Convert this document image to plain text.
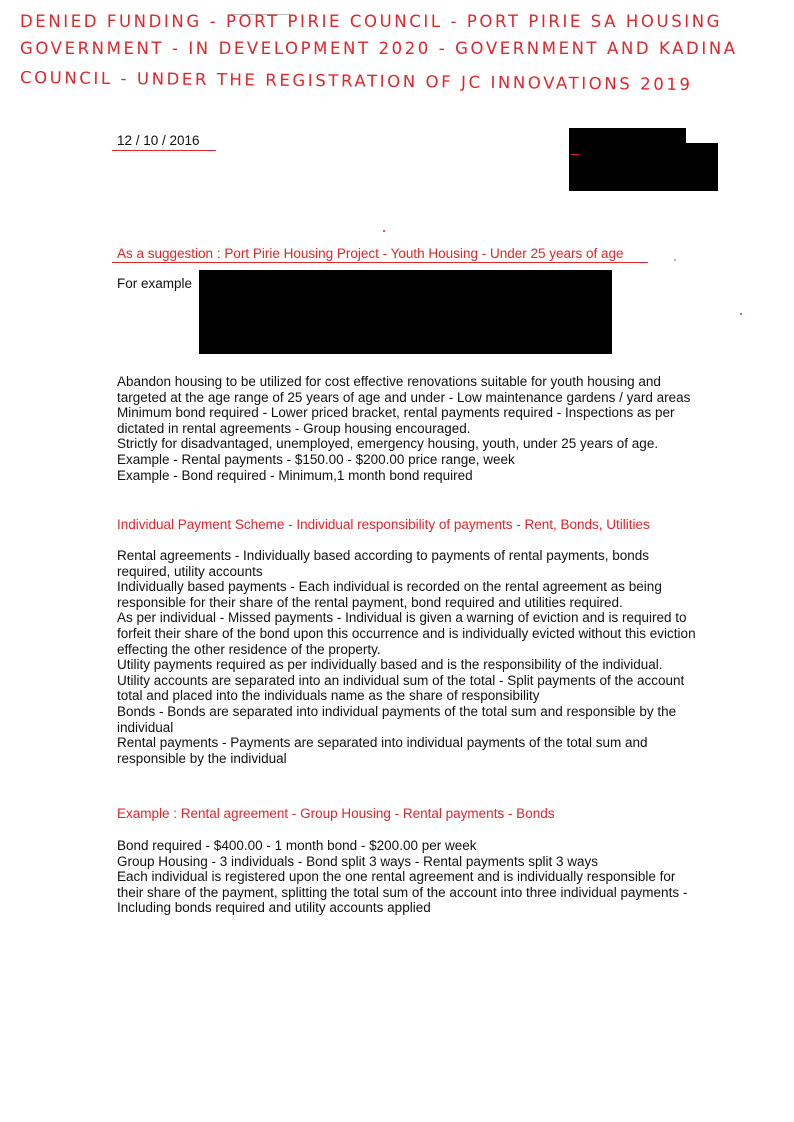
DENIED FUNDING - PORT PIRIE COUNCIL - PORT PIRIE SA HOUSING
GOVERNMENT - IN DEVELOPMENT 2020 - GOVERNMENT AND KADINA
COUNCIL - UNDER THE REGISTRATION OF JC INNOVATIONS 2019
12 / 10 / 2016
As a suggestion : Port Pirie Housing Project - Youth Housing - Under 25 years of age
For example
Abandon housing to be utilized for cost effective renovations suitable for youth housing and
targeted at the age range of 25 years of age and under - Low maintenance gardens / yard areas
Minimum bond required - Lower priced bracket, rental payments required - Inspections as per
dictated in rental agreements - Group housing encouraged.
Strictly for disadvantaged, unemployed, emergency housing, youth, under 25 years of age.
Example - Rental payments - $150.00 - $200.00 price range, week
Example - Bond required - Minimum,1 month bond required
Individual Payment Scheme - Individual responsibility of payments - Rent, Bonds, Utilities
Rental agreements - Individually based according to payments of rental payments, bonds
required, utility accounts
Individually based payments - Each individual is recorded on the rental agreement as being
responsible for their share of the rental payment, bond required and utilities required.
As per individual - Missed payments - Individual is given a warning of eviction and is required to
forfeit their share of the bond upon this occurrence and is individually evicted without this eviction
effecting the other residence of the property.
Utility payments required as per individually based and is the responsibility of the individual.
Utility accounts are separated into an individual sum of the total - Split payments of the account
total and placed into the individuals name as the share of responsibility
Bonds - Bonds are separated into individual payments of the total sum and responsible by the
individual
Rental payments - Payments are separated into individual payments of the total sum and
responsible by the individual
Example : Rental agreement - Group Housing - Rental payments - Bonds
Bond required - $400.00 - 1 month bond - $200.00 per week
Group Housing - 3 individuals - Bond split 3 ways - Rental payments split 3 ways
Each individual is registered upon the one rental agreement and is individually responsible for
their share of the payment, splitting the total sum of the account into three individual payments -
Including bonds required and utility accounts applied
